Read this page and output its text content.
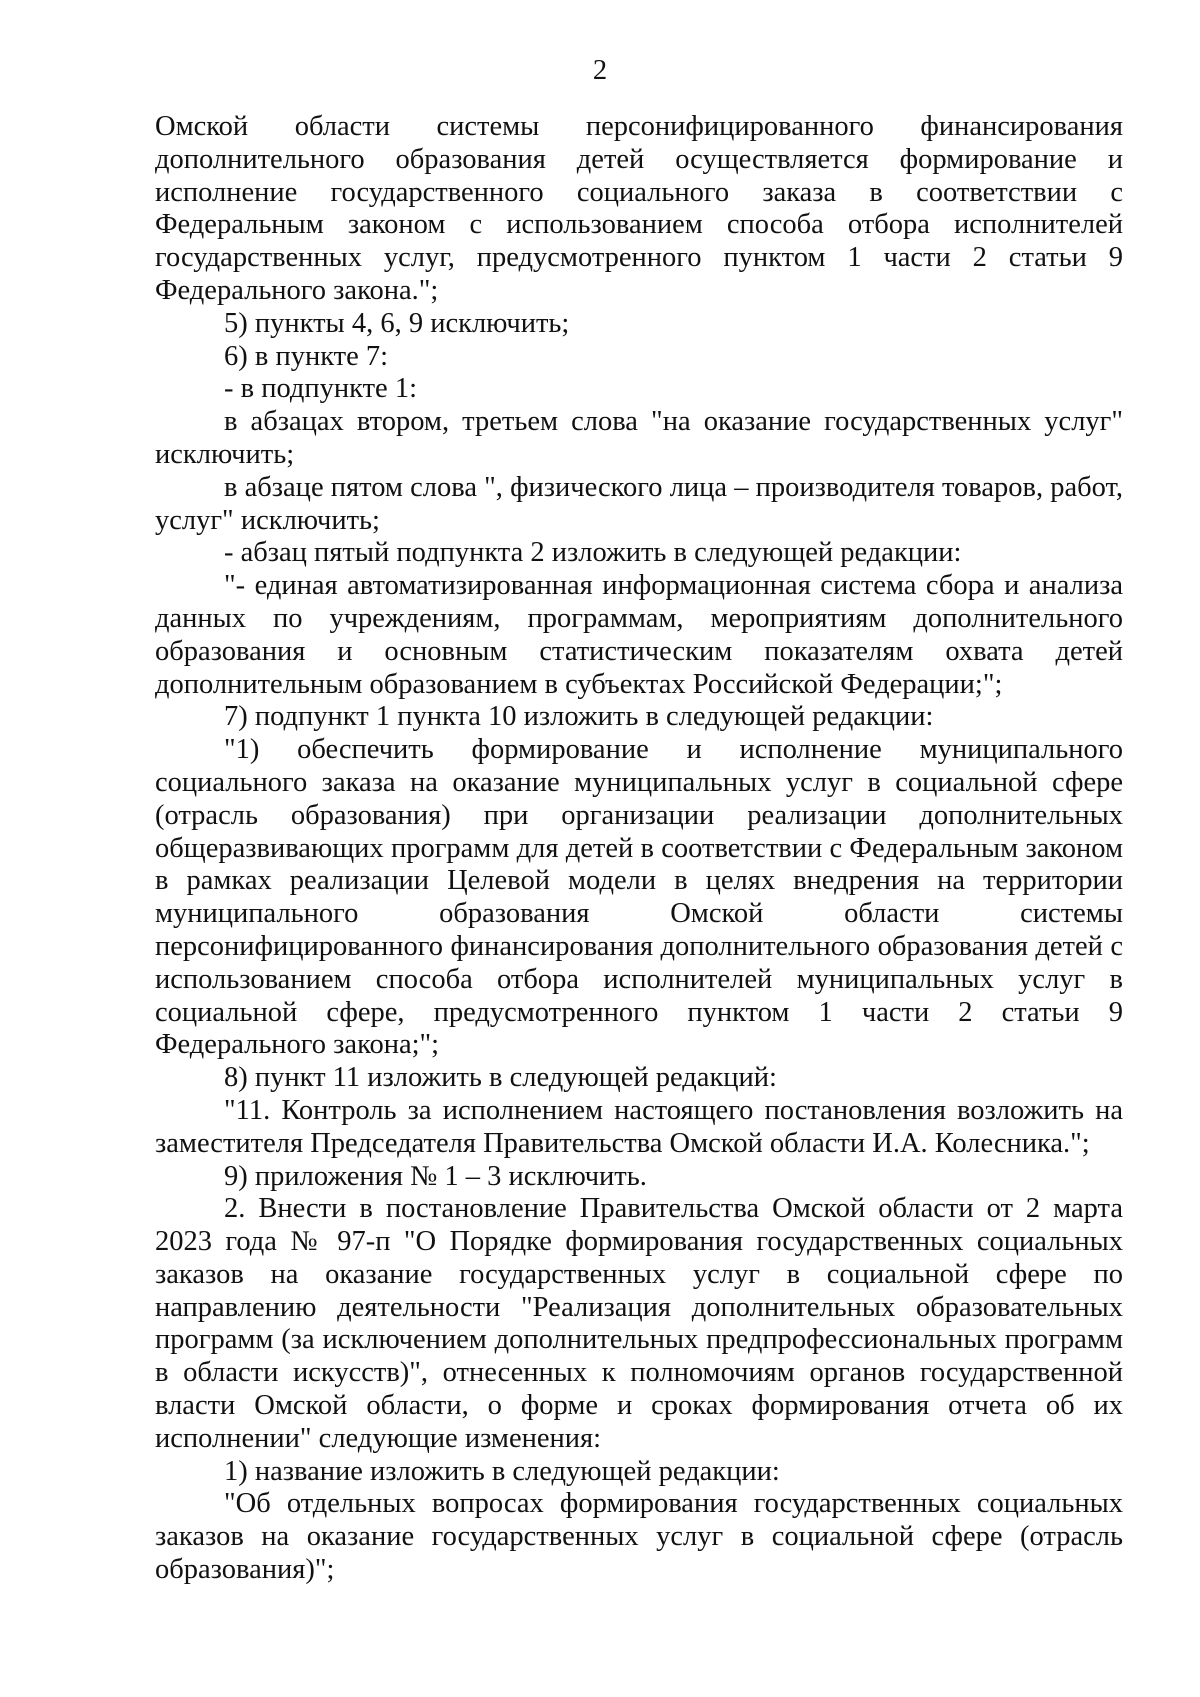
2

Омской области системы персонифицированного финансирования дополнительного образования детей осуществляется формирование и исполнение государственного социального заказа в соответствии с Федеральным законом с использованием способа отбора исполнителей государственных услуг, предусмотренного пунктом 1 части 2 статьи 9 Федерального закона.";

5) пункты 4, 6, 9 исключить;

6) в пункте 7:

- в подпункте 1:

в абзацах втором, третьем слова "на оказание государственных услуг" исключить;

в абзаце пятом слова ", физического лица – производителя товаров, работ, услуг" исключить;

- абзац пятый подпункта 2 изложить в следующей редакции:

"- единая автоматизированная информационная система сбора и анализа данных по учреждениям, программам, мероприятиям дополнительного образования и основным статистическим показателям охвата детей дополнительным образованием в субъектах Российской Федерации;";

7) подпункт 1 пункта 10 изложить в следующей редакции:

"1) обеспечить формирование и исполнение муниципального социального заказа на оказание муниципальных услуг в социальной сфере (отрасль образования) при организации реализации дополнительных общеразвивающих программ для детей в соответствии с Федеральным законом в рамках реализации Целевой модели в целях внедрения на территории муниципального образования Омской области системы персонифицированного финансирования дополнительного образования детей с использованием способа отбора исполнителей муниципальных услуг в социальной сфере, предусмотренного пунктом 1 части 2 статьи 9 Федерального закона;";

8) пункт 11 изложить в следующей редакций:

"11. Контроль за исполнением настоящего постановления возложить на заместителя Председателя Правительства Омской области И.А. Колесника.";

9) приложения № 1 – 3 исключить.

2. Внести в постановление Правительства Омской области от 2 марта 2023 года № 97-п "О Порядке формирования государственных социальных заказов на оказание государственных услуг в социальной сфере по направлению деятельности "Реализация дополнительных образовательных программ (за исключением дополнительных предпрофессиональных программ в области искусств)", отнесенных к полномочиям органов государственной власти Омской области, о форме и сроках формирования отчета об их исполнении" следующие изменения:

1) название изложить в следующей редакции:

"Об отдельных вопросах формирования государственных социальных заказов на оказание государственных услуг в социальной сфере (отрасль образования)";
